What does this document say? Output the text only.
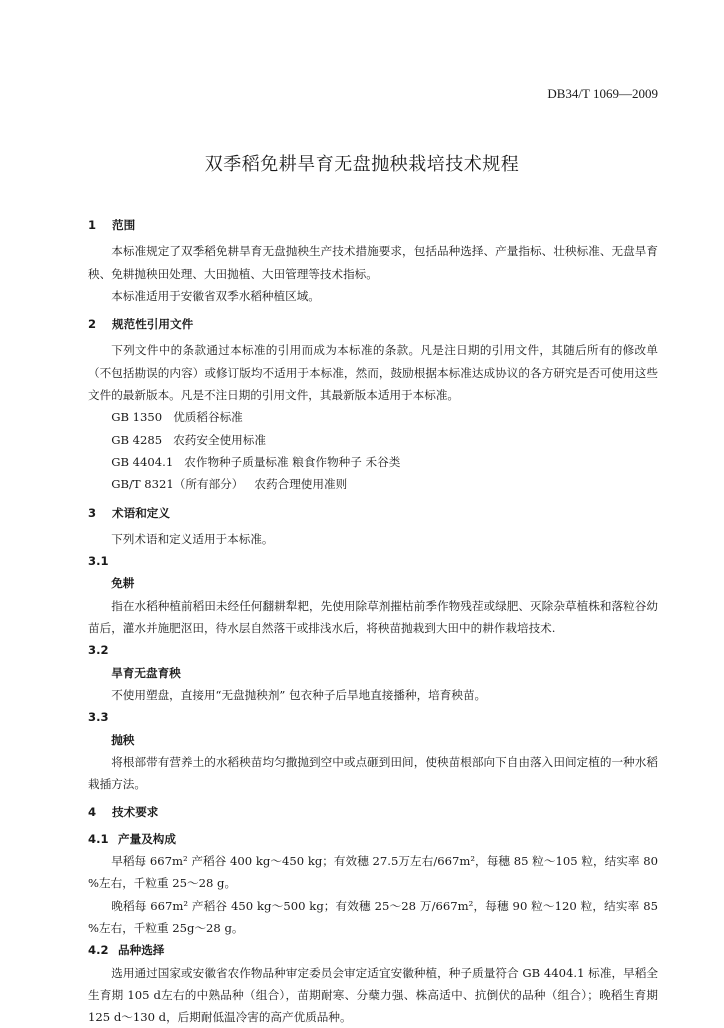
DB34/T 1069—2009
双季稻免耕旱育无盘抛秧栽培技术规程
1 范围

本标准规定了双季稻免耕旱育无盘抛秧生产技术措施要求，包括品种选择、产量指标、壮秧标准、无盘旱育秧、免耕抛秧田处理、大田抛植、大田管理等技术指标。

本标准适用于安徽省双季水稻种植区域。

2 规范性引用文件

下列文件中的条款通过本标准的引用而成为本标准的条款。凡是注日期的引用文件，其随后所有的修改单（不包括勘误的内容）或修订版均不适用于本标准，然而，鼓励根据本标准达成协议的各方研究是否可使用这些文件的最新版本。凡是不注日期的引用文件，其最新版本适用于本标准。

GB 1350   优质稻谷标准

GB 4285   农药安全使用标准

GB 4404.1   农作物种子质量标准 粮食作物种子 禾谷类

GB/T 8321（所有部分）   农药合理使用准则

3 术语和定义

下列术语和定义适用于本标准。

3.1
免耕

指在水稻种植前稻田未经任何翻耕犁耙，先使用除草剂摧枯前季作物残茬或绿肥、灭除杂草植株和落粒谷幼苗后，灌水并施肥沤田，待水层自然落干或排浅水后，将秧苗抛栽到大田中的耕作栽培技术.

3.2
旱育无盘育秧

不使用塑盘，直接用“无盘抛秧剂” 包衣种子后旱地直接播种，培育秧苗。

3.3
抛秧

将根部带有营养土的水稻秧苗均匀撒抛到空中或点砸到田间，使秧苗根部向下自由落入田间定植的一种水稻栽插方法。

4 技术要求
4.1 产量及构成

早稻每 667m² 产稻谷 400 kg～450 kg；有效穗 27.5万左右/667m²，每穗 85 粒～105 粒，结实率 80 %左右，千粒重 25～28 g。

晚稻每 667m² 产稻谷 450 kg～500 kg；有效穗 25～28 万/667m²，每穗 90 粒～120 粒，结实率 85 %左右，千粒重 25g～28 g。

4.2 品种选择

选用通过国家或安徽省农作物品种审定委员会审定适宜安徽种植，种子质量符合 GB 4404.1 标准，早稻全生育期 105 d左右的中熟品种（组合），苗期耐寒、分蘖力强、株高适中、抗倒伏的品种（组合）；晚稻生育期 125 d～130 d，后期耐低温冷害的高产优质品种。
